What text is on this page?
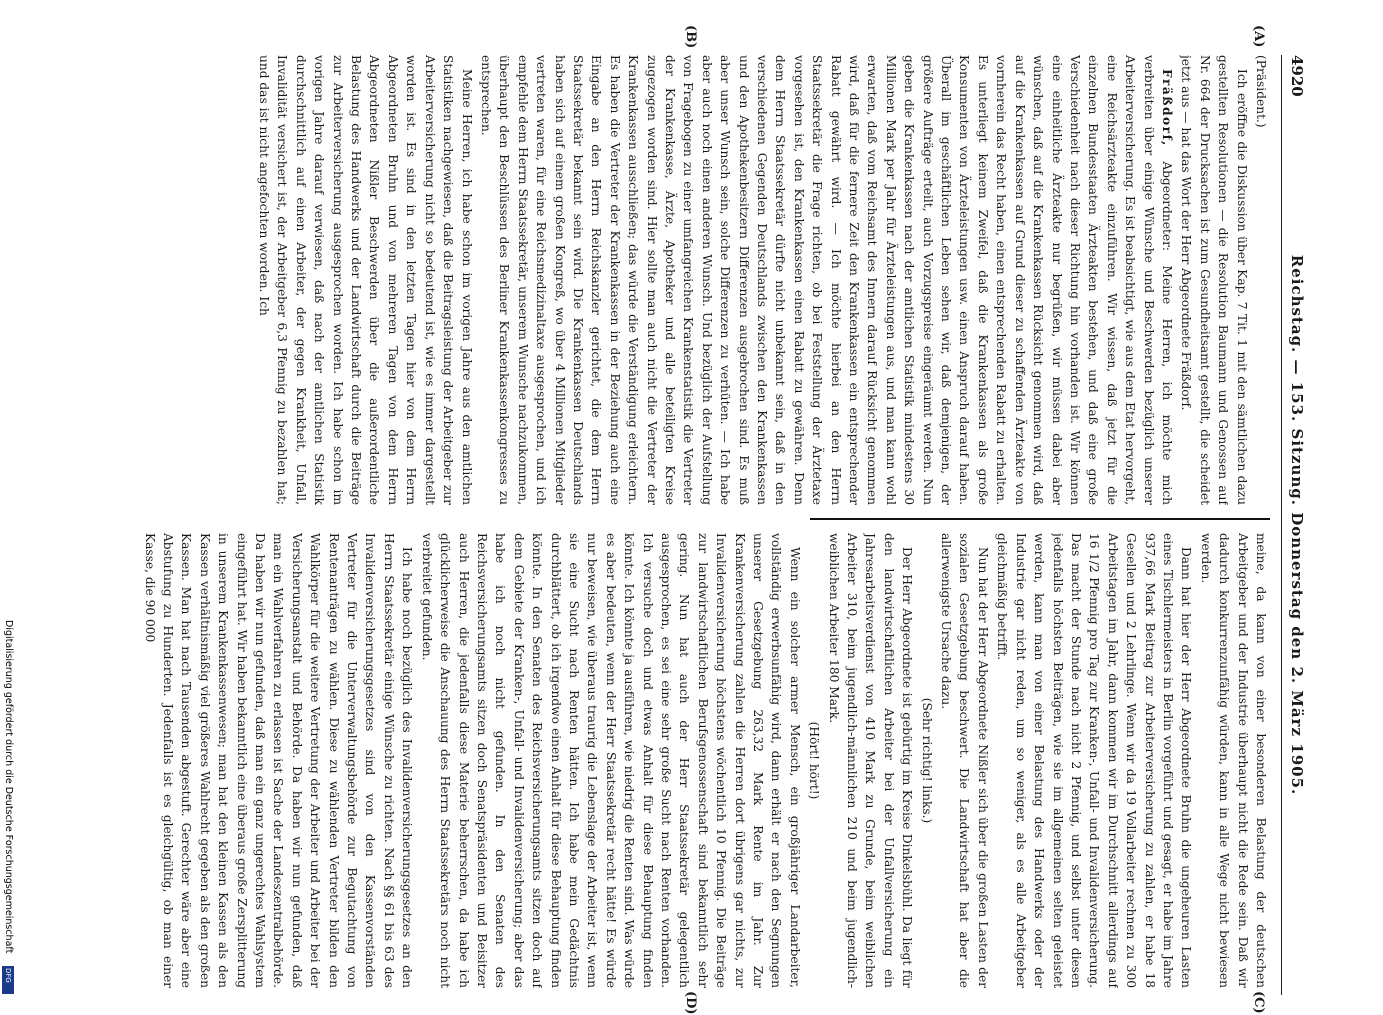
4920
Reichstag. — 153. Sitzung. Donnerstag den 2. März 1905.
(A)
(B)
(C)
(D)

(Präsident.)

Ich eröffne die Diskussion über Kap. 7 Tit. 1 mit den sämtlichen dazu gestellten Resolutionen — die Resolution Baumann und Genossen auf Nr. 664 der Drucksachen ist zum Gesundheitsamt gestellt, die scheidet jetzt aus — hat das Wort der Herr Abgeordnete Fräßdorf.

Fräßdorf, Abgeordneter: Meine Herren, ich möchte mich verbreiten über einige Wünsche und Beschwerden bezüglich unserer Arbeiterversicherung. Es ist beabsichtigt, wie aus dem Etat hervorgeht, eine Reichsärzteakte einzuführen. Wir wissen, daß jetzt für die einzelnen Bundesstaaten Ärzteakten bestehen, und daß eine große Verschiedenheit nach dieser Richtung hin vorhanden ist. Wir können eine einheitliche Ärzteakte nur begrüßen, wir müssen dabei aber wünschen, daß auf die Krankenkassen Rücksicht genommen wird, daß auf die Krankenkassen auf Grund dieser zu schaffenden Ärzteakte von vornherein das Recht haben, einen entsprechenden Rabatt zu erhalten. Es unterliegt keinem Zweifel, daß die Krankenkassen als große Konsumenten von Ärzteleistungen usw. einen Anspruch darauf haben. Überall im geschäftlichen Leben sehen wir, daß demjenigen, der größere Aufträge erteilt, auch Vorzugspreise eingeräumt werden. Nun geben die Krankenkassen nach der amtlichen Statistik mindestens 30 Millionen Mark per Jahr für Ärzteleistungen aus, und man kann wohl erwarten, daß vom Reichsamt des Innern darauf Rücksicht genommen wird, daß für die fernere Zeit den Krankenkassen ein entsprechender Rabatt gewährt wird. — Ich möchte hierbei an den Herrn Staatssekretär die Frage richten, ob bei Feststellung der Ärztetaxe vorgesehen ist, den Krankenkassen einen Rabatt zu gewähren. Denn dem Herrn Staatssekretär dürfte nicht unbekannt sein, daß in den verschiedenen Gegenden Deutschlands zwischen den Krankenkassen und den Apothekenbesitzern Differenzen ausgebrochen sind. Es muß aber unser Wunsch sein, solche Differenzen zu verhüten. — Ich habe aber auch noch einen anderen Wunsch. Und bezüglich der Aufstellung von Fragebogen zu einer umfangreichen Krankenstatistik die Vertreter der Krankenkasse, Ärzte, Apotheker und alle beteiligten Kreise zugezogen worden sind. Hier sollte man auch nicht die Vertreter der Krankenkassen ausschließen; das würde die Verständigung erleichtern. Es haben die Vertreter der Krankenkassen in der Beziehung auch eine Eingabe an den Herrn Reichskanzler gerichtet, die dem Herrn Staatssekretär bekannt sein wird. Die Krankenkassen Deutschlands haben sich auf einem großen Kongreß, wo über 4 Millionen Mitglieder vertreten waren, für eine Reichsmedizinaltaxe ausgesprochen, und ich empfehle dem Herrn Staatssekretär, unserem Wunsche nachzukommen, überhaupt den Beschlüssen des Berliner Krankenkassenkongresses zu entsprechen.

Meine Herren, ich habe schon im vorigen Jahre aus den amtlichen Statistiken nachgewiesen, daß die Beitragsleistung der Arbeitgeber zur Arbeiterversicherung nicht so bedeutend ist, wie es immer dargestellt worden ist. Es sind in den letzten Tagen hier von dem Herrn Abgeordneten Bruhn und von mehreren Tagen von dem Herrn Abgeordneten Nißler Beschwerden über die außerordentliche Belastung des Handwerks und der Landwirtschaft durch die Beiträge zur Arbeiterversicherung ausgesprochen worden. Ich habe schon im vorigen Jahre darauf verwiesen, daß nach der amtlichen Statistik durchschnittlich auf einen Arbeiter, der gegen Krankheit, Unfall, Invalidität versichert ist, der Arbeitgeber 6,3 Pfennig zu bezahlen hat; und das ist nicht angefochten worden. Ich

meine, da kann von einer besonderen Belastung der deutschen Arbeitgeber und der Industrie überhaupt nicht die Rede sein. Daß wir dadurch konkurrenzunfähig würden, kann in alle Wege nicht bewiesen werden.

Dann hat hier der Herr Abgeordnete Bruhn die ungeheuren Lasten eines Tischlermeisters in Berlin vorgeführt und gesagt, er habe im Jahre 937,66 Mark Beitrag zur Arbeiterversicherung zu zahlen, er habe 18 Gesellen und 2 Lehrlinge. Wenn wir da 19 Vollarbeiter rechnen zu 300 Arbeitstagen im Jahr, dann kommen wir im Durchschnitt allerdings auf 16 1/2 Pfennig pro Tag zur Kranken-, Unfall- und Invalidenversicherung. Das macht der Stunde nach nicht 2 Pfennig, und selbst unter diesen jedenfalls höchsten Beiträgen, wie sie im allgemeinen selten geleistet werden, kann man von einer Belastung des Handwerks oder der Industrie gar nicht reden, um so weniger, als es alle Arbeitgeber gleichmäßig betrifft.

Nun hat der Herr Abgeordnete Nißler sich über die großen Lasten der sozialen Gesetzgebung beschwert. Die Landwirtschaft hat aber die allerwenigste Ursache dazu.

(Sehr richtig! links.)

Der Herr Abgeordnete ist gebürtig im Kreise Dinkelsbühl. Da liegt für den landwirtschaftlichen Arbeiter bei der Unfallversicherung ein Jahresarbeitsverdienst von 410 Mark zu Grunde, beim weiblichen Arbeiter 310, beim jugendlich-männlichen 210 und beim jugendlich-weiblichen Arbeiter 180 Mark.

(Hört! hört!)

Wenn ein solcher armer Mensch, ein großjähriger Landarbeiter, vollständig erwerbsunfähig wird, dann erhält er nach den Segnungen unserer Gesetzgebung 263,32 Mark Rente im Jahr. Zur Krankenversicherung zahlen die Herren dort übrigens gar nichts, zur Invalidenversicherung höchstens wöchentlich 10 Pfennig. Die Beiträge zur landwirtschaftlichen Berufsgenossenschaft sind bekanntlich sehr gering. Nun hat auch der Herr Staatssekretär gelegentlich ausgesprochen, es sei eine sehr große Sucht nach Renten vorhanden. Ich versuche doch und etwas Anhalt für diese Behauptung finden könnte. Ich könnte ja ausführen, wie niedrig die Renten sind. Was würde es aber bedeuten, wenn der Herr Staatssekretär recht hätte! Es würde nur beweisen, wie überaus traurig die Lebenslage der Arbeiter ist, wenn sie eine Sucht nach Renten hätten. Ich habe mein Gedächtnis durchblättert, ob ich irgendwo einen Anhalt für diese Behauptung finden könnte. In den Senaten des Reichsversicherungsamts sitzen doch auf dem Gebiete der Kranken-, Unfall- und Invalidenversicherung; aber das habe ich noch nicht gefunden. In den Senaten des Reichsversicherungsamts sitzen doch Senatspräsidenten und Beisitzer auch Herren, die jedenfalls diese Materie beherrschen, da habe ich glücklicherweise die Anschauung des Herrn Staatssekretärs noch nicht verbreitet gefunden.

Ich habe noch bezüglich des Invalidenversicherungsgesetzes an den Herrn Staatssekretär einige Wünsche zu richten. Nach §§ 61 bis 63 des Invalidenversicherungsgesetzes sind von den Kassenvorständen Vertreter für die Unterverwaltungsbehörde zur Begutachtung von Rentenanträgen zu wählen. Diese zu wählenden Vertreter bilden den Wahlkörper für die weitere Vertretung der Arbeiter und Arbeiter bei der Versicherungsanstalt und Behörde. Da haben wir nun gefunden, daß man ein Wahlverfahren zu erlassen ist Sache der Landeszentralbehörde. Da haben wir nun gefunden, daß man ein ganz ungerechtes Wahlsystem eingeführt hat. Wir haben bekanntlich eine überaus große Zersplitterung in unserem Krankenkassenwesen; man hat den kleinen Kassen als den Kassen verhältnismäßig viel größeres Wahlrecht gegeben als den großen Kassen. Man hat nach Tausenden abgestuft. Gerechter wäre aber eine Abstufung zu Hunderten. Jedenfalls ist es gleichgültig, ob man einer Kasse, die 90 000

Digitalisierung gefördert durch die Deutsche Forschungsgemeinschaft
DFG
